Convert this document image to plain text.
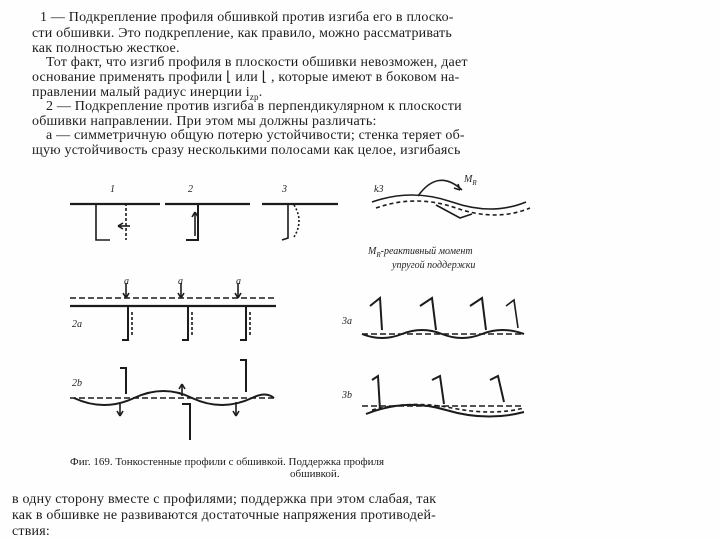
1 — Подкрепление профиля обшивкой против изгиба его в плоско-
сти обшивки. Это подкрепление, как правило, можно рассматривать
как полностью жесткое.
Тот факт, что изгиб профиля в плоскости обшивки невозможен, дает
основание применять профили ⌊ или ⌊ , которые имеют в боковом на-
правлении малый радиус инерции $i_{zp}$.
2 — Подкрепление против изгиба в перпендикулярном к плоскости
обшивки направлении. При этом мы должны различать:
a — симметричную общую потерю устойчивости; стенка теряет об-
щую устойчивость сразу несколькими полосами как целое, изгибаясь
1	2	3	k3
$M_R$
a	a	a
2a
2b
3a
3b
$M_R$-реактивный момент
упругой поддержки
Фиг. 169. Тонкостенные профили с обшивкой. Поддержка профиля
обшивкой.
в одну сторону вместе с профилями; поддержка при этом слабая, так
как в обшивке не развиваются достаточные напряжения противодей-
ствия:
